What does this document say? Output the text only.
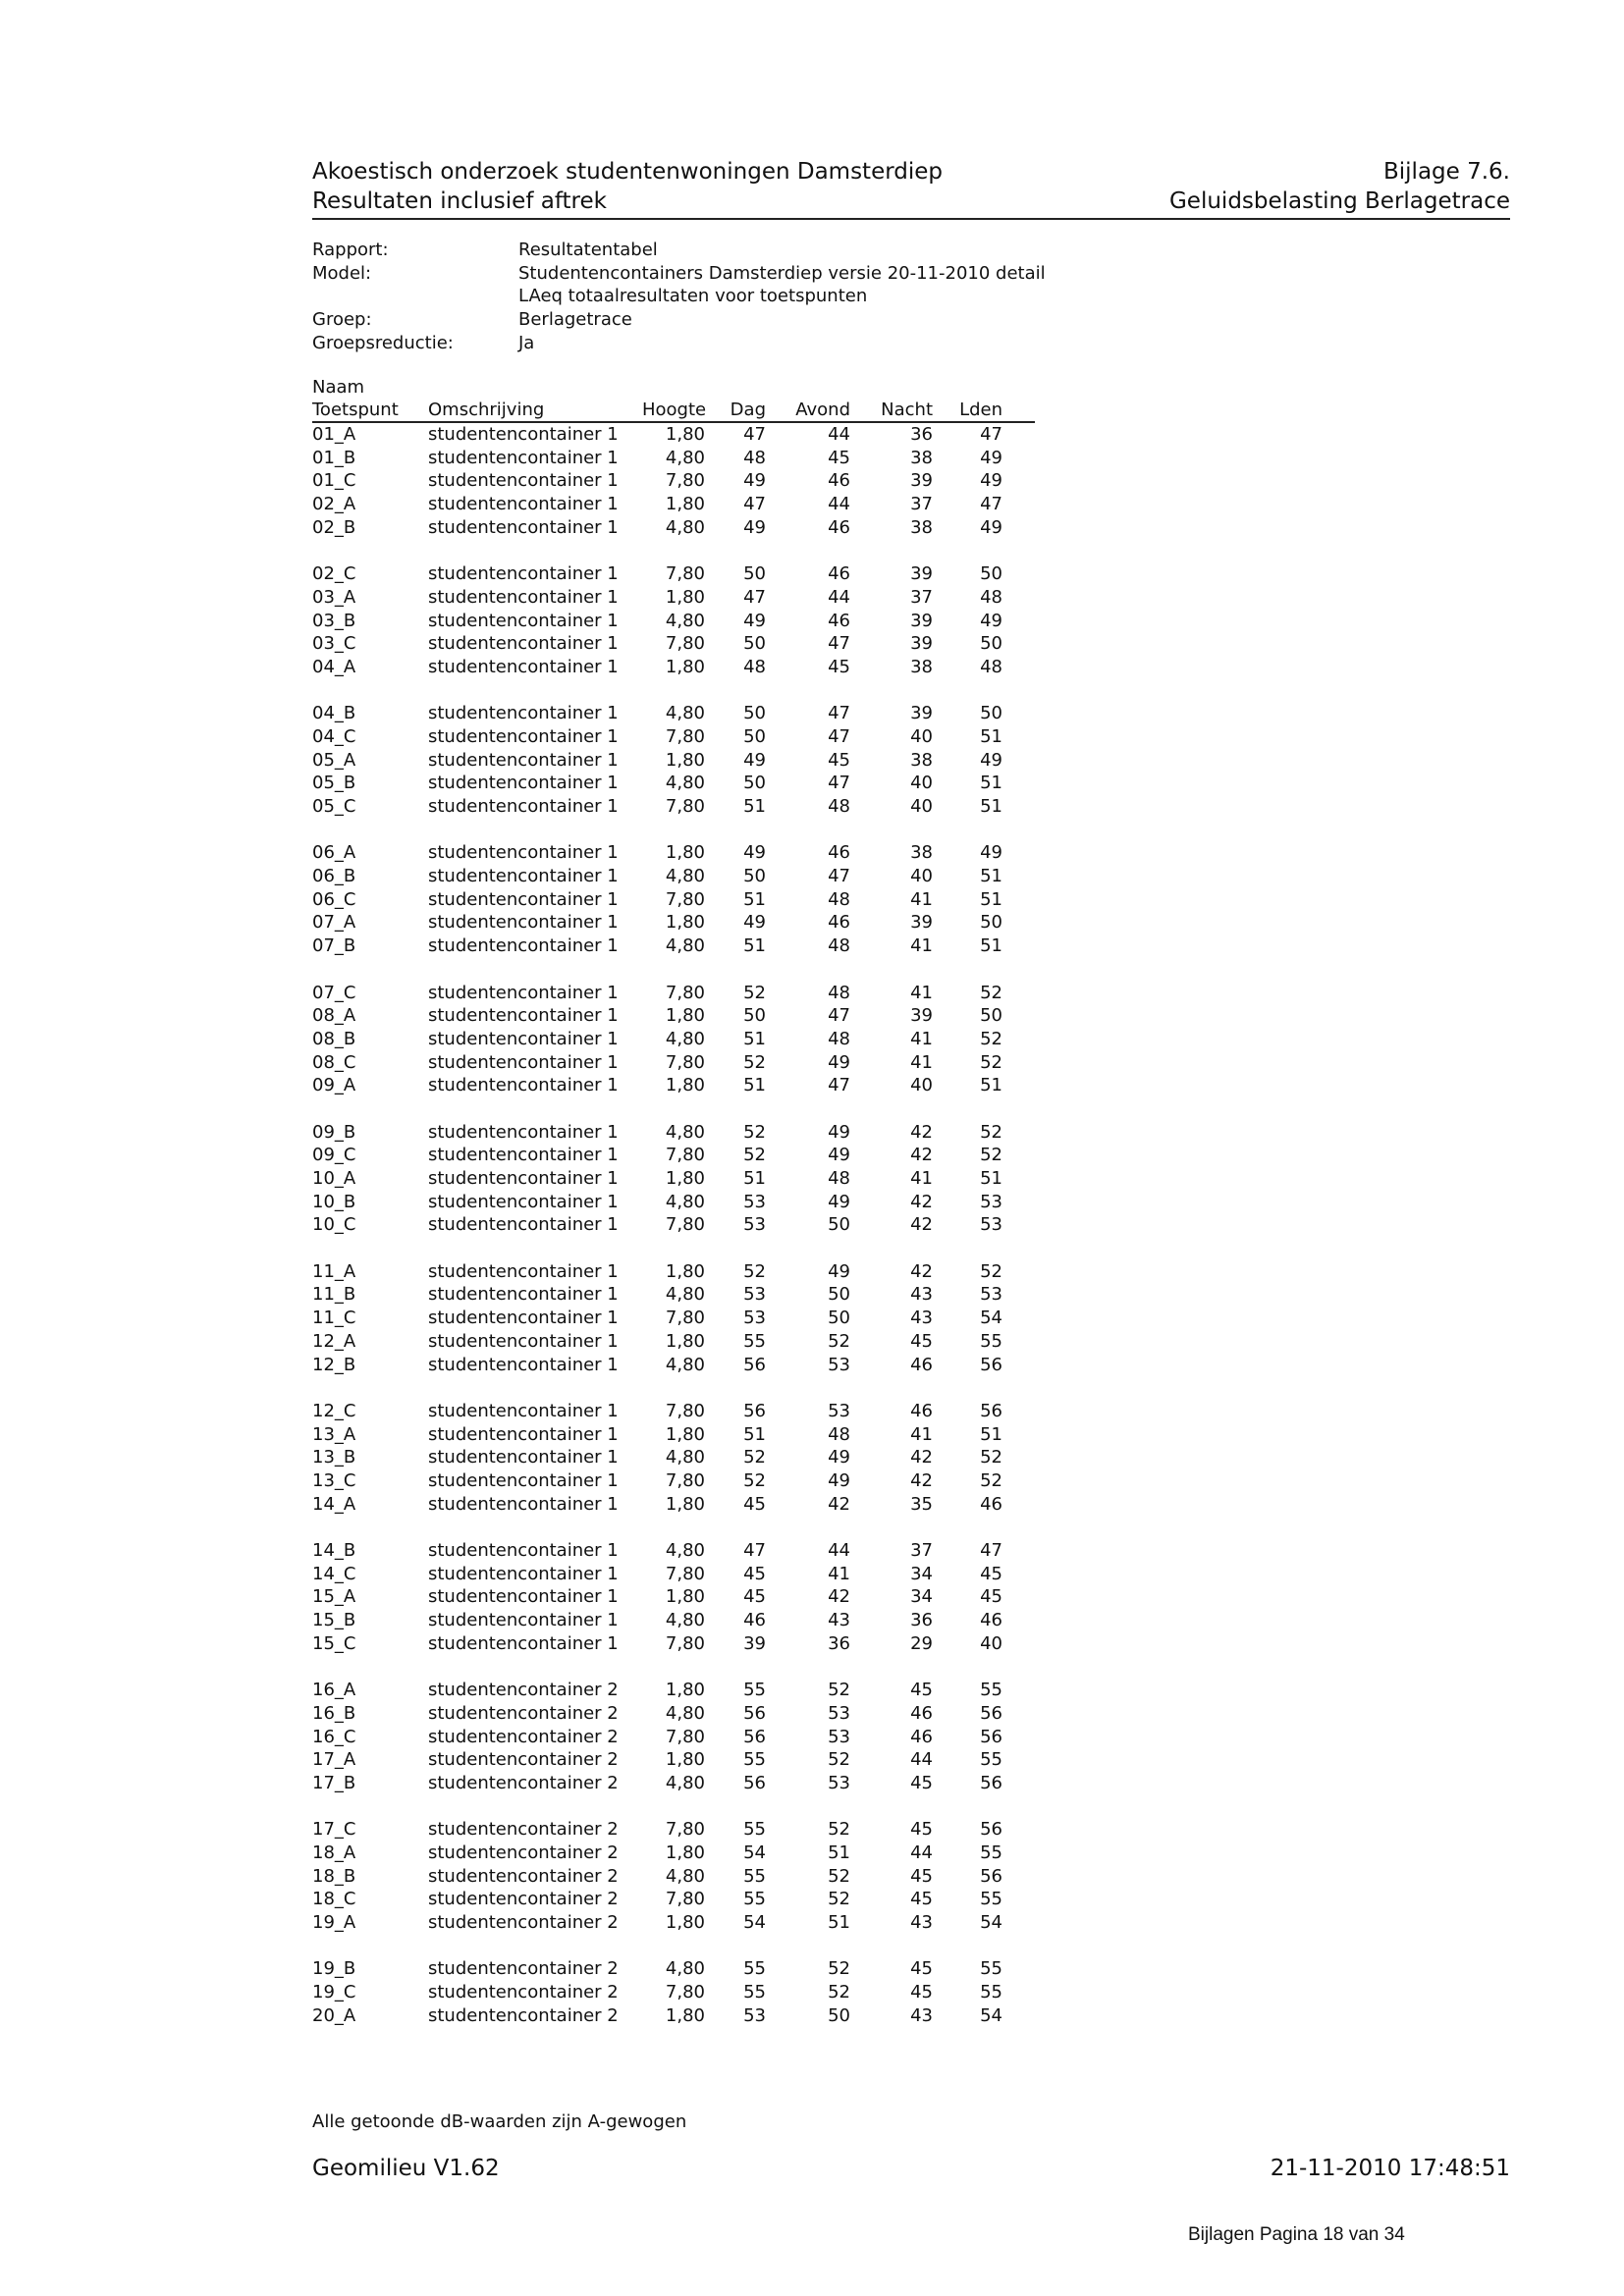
Akoestisch onderzoek studentenwoningen Damsterdiep	Bijlage 7.6.
Resultaten inclusief aftrek	Geluidsbelasting Berlagetrace
Rapport:	Resultatentabel
Model:	Studentencontainers Damsterdiep versie 20-11-2010 detail
LAeq totaalresultaten voor toetspunten
Groep:	Berlagetrace
Groepsreductie:	Ja
Naam
Toetspunt	Omschrijving	Hoogte	Dag	Avond	Nacht	Lden
01_A	studentencontainer 1	1,80	47	44	36	47
01_B	studentencontainer 1	4,80	48	45	38	49
01_C	studentencontainer 1	7,80	49	46	39	49
02_A	studentencontainer 1	1,80	47	44	37	47
02_B	studentencontainer 1	4,80	49	46	38	49
02_C	studentencontainer 1	7,80	50	46	39	50
03_A	studentencontainer 1	1,80	47	44	37	48
03_B	studentencontainer 1	4,80	49	46	39	49
03_C	studentencontainer 1	7,80	50	47	39	50
04_A	studentencontainer 1	1,80	48	45	38	48
04_B	studentencontainer 1	4,80	50	47	39	50
04_C	studentencontainer 1	7,80	50	47	40	51
05_A	studentencontainer 1	1,80	49	45	38	49
05_B	studentencontainer 1	4,80	50	47	40	51
05_C	studentencontainer 1	7,80	51	48	40	51
06_A	studentencontainer 1	1,80	49	46	38	49
06_B	studentencontainer 1	4,80	50	47	40	51
06_C	studentencontainer 1	7,80	51	48	41	51
07_A	studentencontainer 1	1,80	49	46	39	50
07_B	studentencontainer 1	4,80	51	48	41	51
07_C	studentencontainer 1	7,80	52	48	41	52
08_A	studentencontainer 1	1,80	50	47	39	50
08_B	studentencontainer 1	4,80	51	48	41	52
08_C	studentencontainer 1	7,80	52	49	41	52
09_A	studentencontainer 1	1,80	51	47	40	51
09_B	studentencontainer 1	4,80	52	49	42	52
09_C	studentencontainer 1	7,80	52	49	42	52
10_A	studentencontainer 1	1,80	51	48	41	51
10_B	studentencontainer 1	4,80	53	49	42	53
10_C	studentencontainer 1	7,80	53	50	42	53
11_A	studentencontainer 1	1,80	52	49	42	52
11_B	studentencontainer 1	4,80	53	50	43	53
11_C	studentencontainer 1	7,80	53	50	43	54
12_A	studentencontainer 1	1,80	55	52	45	55
12_B	studentencontainer 1	4,80	56	53	46	56
12_C	studentencontainer 1	7,80	56	53	46	56
13_A	studentencontainer 1	1,80	51	48	41	51
13_B	studentencontainer 1	4,80	52	49	42	52
13_C	studentencontainer 1	7,80	52	49	42	52
14_A	studentencontainer 1	1,80	45	42	35	46
14_B	studentencontainer 1	4,80	47	44	37	47
14_C	studentencontainer 1	7,80	45	41	34	45
15_A	studentencontainer 1	1,80	45	42	34	45
15_B	studentencontainer 1	4,80	46	43	36	46
15_C	studentencontainer 1	7,80	39	36	29	40
16_A	studentencontainer 2	1,80	55	52	45	55
16_B	studentencontainer 2	4,80	56	53	46	56
16_C	studentencontainer 2	7,80	56	53	46	56
17_A	studentencontainer 2	1,80	55	52	44	55
17_B	studentencontainer 2	4,80	56	53	45	56
17_C	studentencontainer 2	7,80	55	52	45	56
18_A	studentencontainer 2	1,80	54	51	44	55
18_B	studentencontainer 2	4,80	55	52	45	56
18_C	studentencontainer 2	7,80	55	52	45	55
19_A	studentencontainer 2	1,80	54	51	43	54
19_B	studentencontainer 2	4,80	55	52	45	55
19_C	studentencontainer 2	7,80	55	52	45	55
20_A	studentencontainer 2	1,80	53	50	43	54
Alle getoonde dB-waarden zijn A-gewogen
Geomilieu V1.62	21-11-2010 17:48:51
Bijlagen Pagina 18 van 34
